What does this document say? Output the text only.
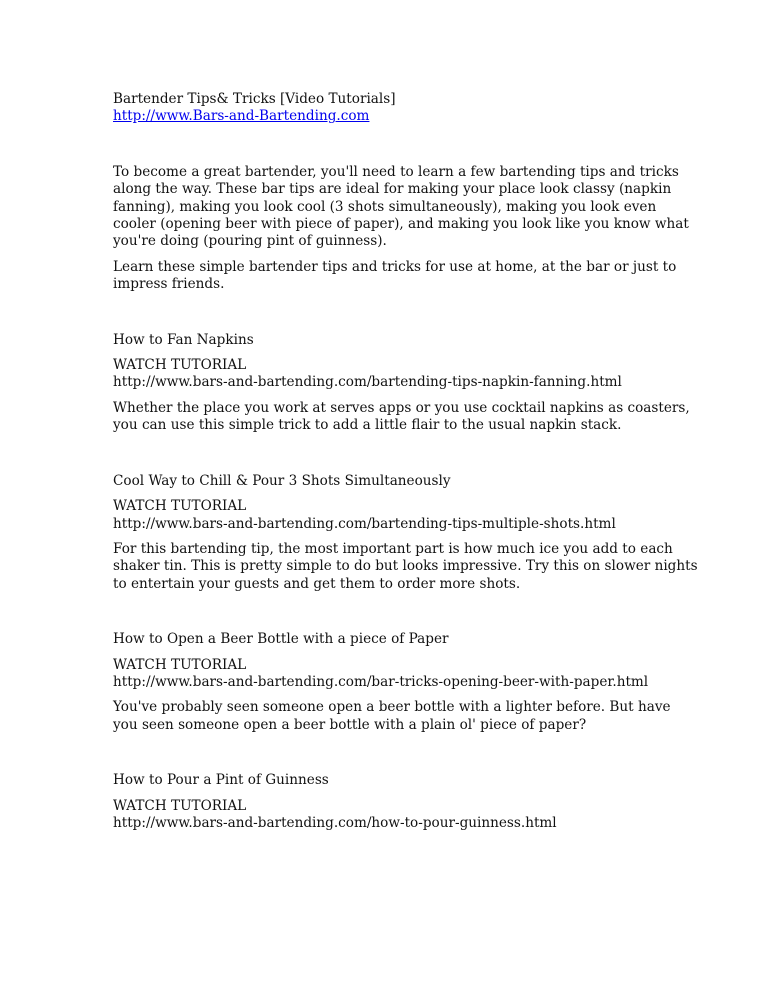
Bartender Tips& Tricks [Video Tutorials]
http://www.Bars-and-Bartending.com
To become a great bartender, you'll need to learn a few bartending tips and tricks
along the way. These bar tips are ideal for making your place look classy (napkin
fanning), making you look cool (3 shots simultaneously), making you look even
cooler (opening beer with piece of paper), and making you look like you know what
you're doing (pouring pint of guinness).
Learn these simple bartender tips and tricks for use at home, at the bar or just to
impress friends.
How to Fan Napkins
WATCH TUTORIAL
http://www.bars-and-bartending.com/bartending-tips-napkin-fanning.html
Whether the place you work at serves apps or you use cocktail napkins as coasters,
you can use this simple trick to add a little flair to the usual napkin stack.
Cool Way to Chill & Pour 3 Shots Simultaneously
WATCH TUTORIAL
http://www.bars-and-bartending.com/bartending-tips-multiple-shots.html
For this bartending tip, the most important part is how much ice you add to each
shaker tin. This is pretty simple to do but looks impressive. Try this on slower nights
to entertain your guests and get them to order more shots.
How to Open a Beer Bottle with a piece of Paper
WATCH TUTORIAL
http://www.bars-and-bartending.com/bar-tricks-opening-beer-with-paper.html
You've probably seen someone open a beer bottle with a lighter before. But have
you seen someone open a beer bottle with a plain ol' piece of paper?
How to Pour a Pint of Guinness
WATCH TUTORIAL
http://www.bars-and-bartending.com/how-to-pour-guinness.html
